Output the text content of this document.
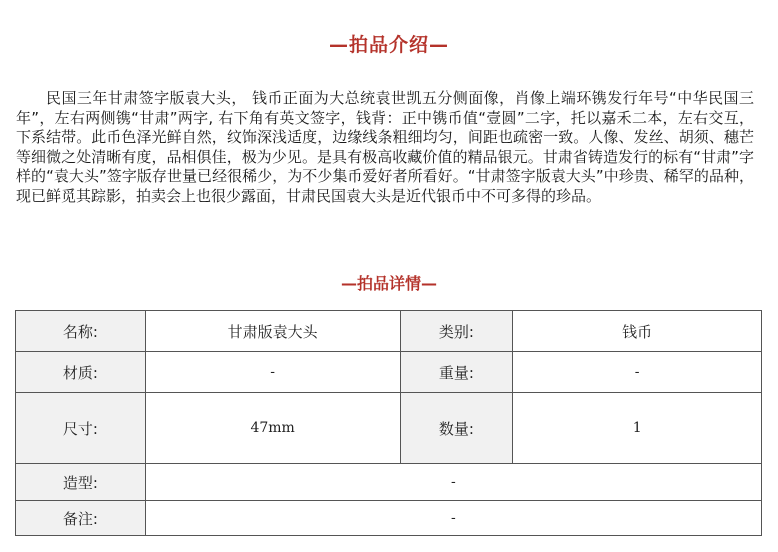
—拍品介绍—

民国三年甘肃签字版袁大头， 钱币正面为大总统袁世凯五分侧面像，肖像上端环镌发行年号“中华民国三年”，左右两侧镌“甘肃”两字, 右下角有英文签字，钱背：正中镌币值“壹圆”二字，托以嘉禾二本，左右交互，下系结带。此币色泽光鲜自然，纹饰深浅适度，边缘线条粗细均匀，间距也疏密一致。人像、发丝、胡须、穗芒等细微之处清晰有度，品相俱佳，极为少见。是具有极高收藏价值的精品银元。甘肃省铸造发行的标有“甘肃”字样的“袁大头”签字版存世量已经很稀少，为不少集币爱好者所看好。“甘肃签字版袁大头”中珍贵、稀罕的品种，现已鲜觅其踪影，拍卖会上也很少露面，甘肃民国袁大头是近代银币中不可多得的珍品。

—拍品详情—
名称:	甘肃版袁大头	类别:	钱币
材质:	-	重量:	-
尺寸:	47mm	数量:	1
造型:	-		
备注:	-		
